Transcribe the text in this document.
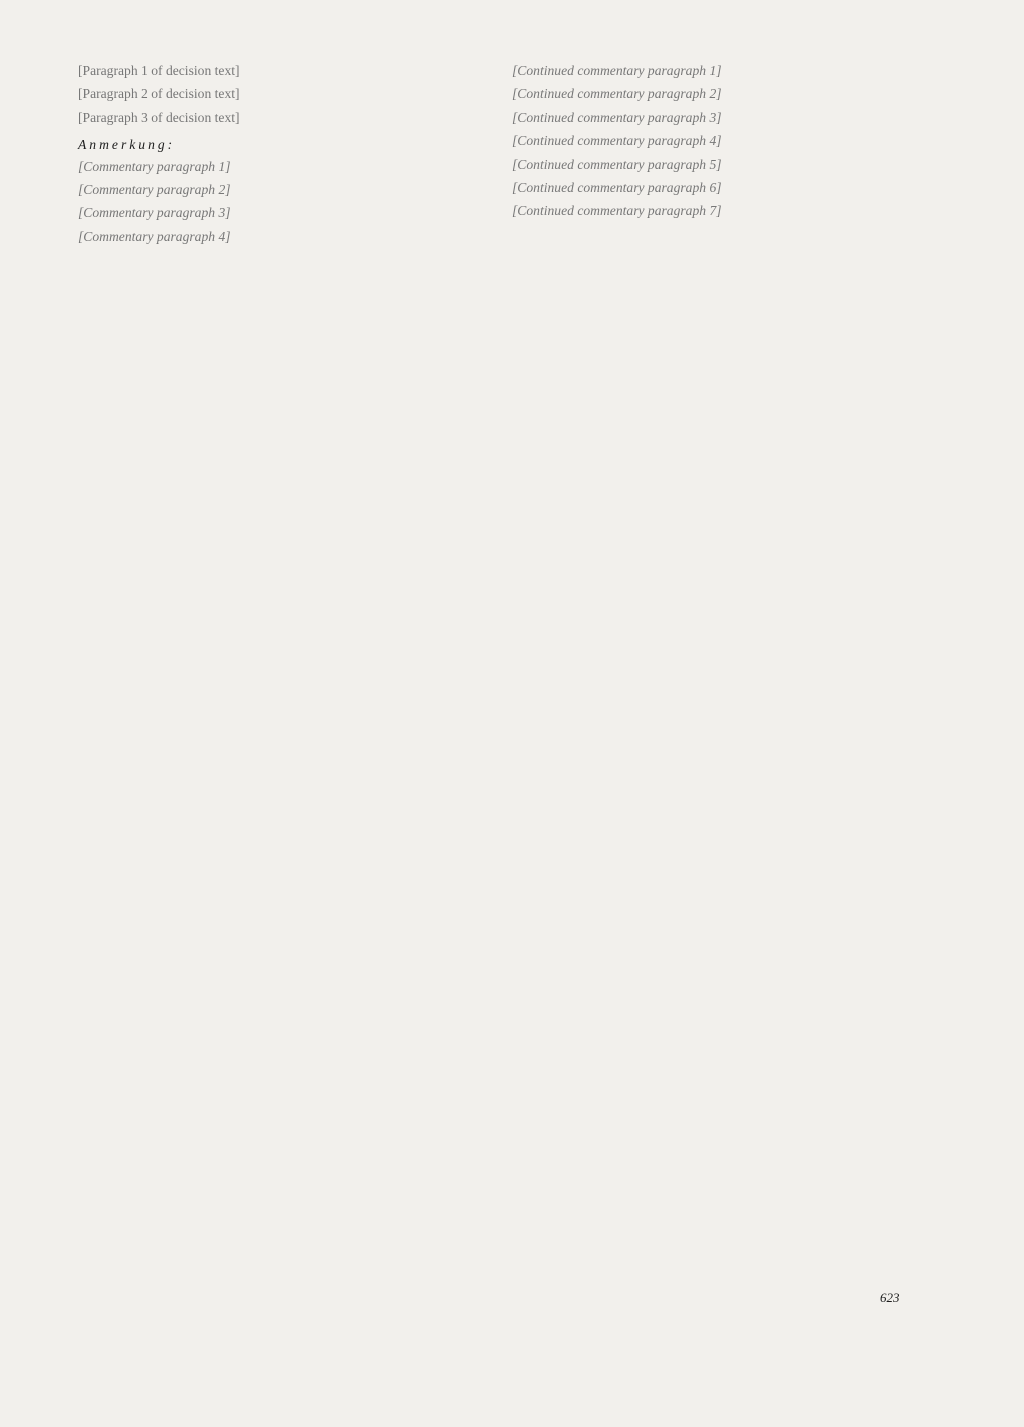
[Paragraph 1 of decision text]

[Paragraph 2 of decision text]

[Paragraph 3 of decision text]

Anmerkung:

[Commentary paragraph 1]

[Commentary paragraph 2]

[Commentary paragraph 3]

[Commentary paragraph 4]

[Continued commentary paragraph 1]

[Continued commentary paragraph 2]

[Continued commentary paragraph 3]

[Continued commentary paragraph 4]

[Continued commentary paragraph 5]

[Continued commentary paragraph 6]

[Continued commentary paragraph 7]

623
